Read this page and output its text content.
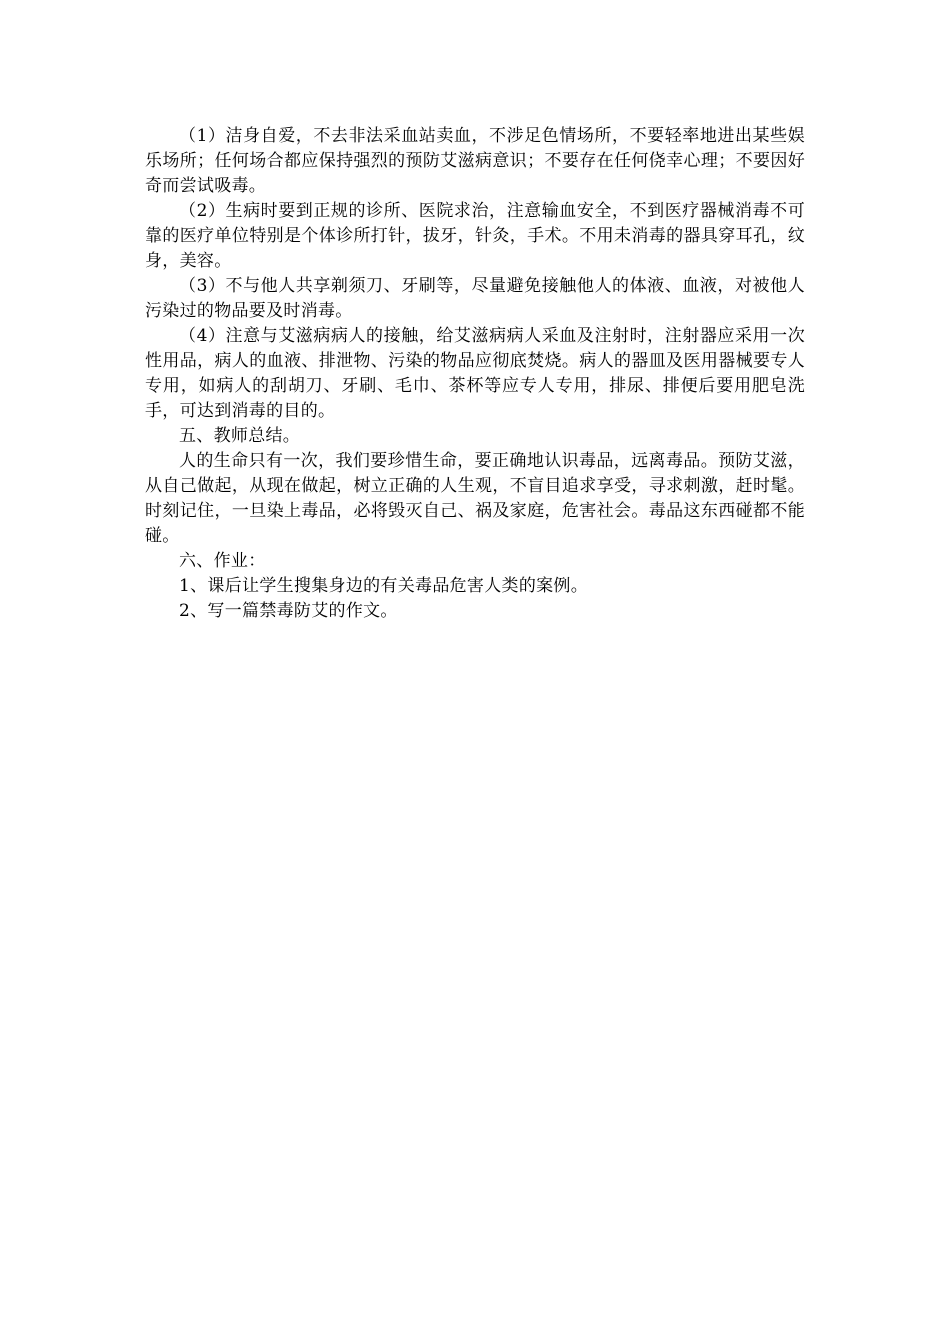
（1）洁身自爱，不去非法采血站卖血，不涉足色情场所，不要轻率地进出某些娱乐场所；任何场合都应保持强烈的预防艾滋病意识；不要存在任何侥幸心理；不要因好奇而尝试吸毒。

（2）生病时要到正规的诊所、医院求治，注意输血安全，不到医疗器械消毒不可靠的医疗单位特别是个体诊所打针，拔牙，针灸，手术。不用未消毒的器具穿耳孔，纹身，美容。

（3）不与他人共享剃须刀、牙刷等，尽量避免接触他人的体液、血液，对被他人污染过的物品要及时消毒。

（4）注意与艾滋病病人的接触，给艾滋病病人采血及注射时，注射器应采用一次性用品，病人的血液、排泄物、污染的物品应彻底焚烧。病人的器皿及医用器械要专人专用，如病人的刮胡刀、牙刷、毛巾、茶杯等应专人专用，排尿、排便后要用肥皂洗手，可达到消毒的目的。

五、教师总结。

人的生命只有一次，我们要珍惜生命，要正确地认识毒品，远离毒品。预防艾滋，从自己做起，从现在做起，树立正确的人生观，不盲目追求享受，寻求刺激，赶时髦。时刻记住，一旦染上毒品，必将毁灭自己、祸及家庭，危害社会。毒品这东西碰都不能碰。

六、作业：

1、课后让学生搜集身边的有关毒品危害人类的案例。

2、写一篇禁毒防艾的作文。
